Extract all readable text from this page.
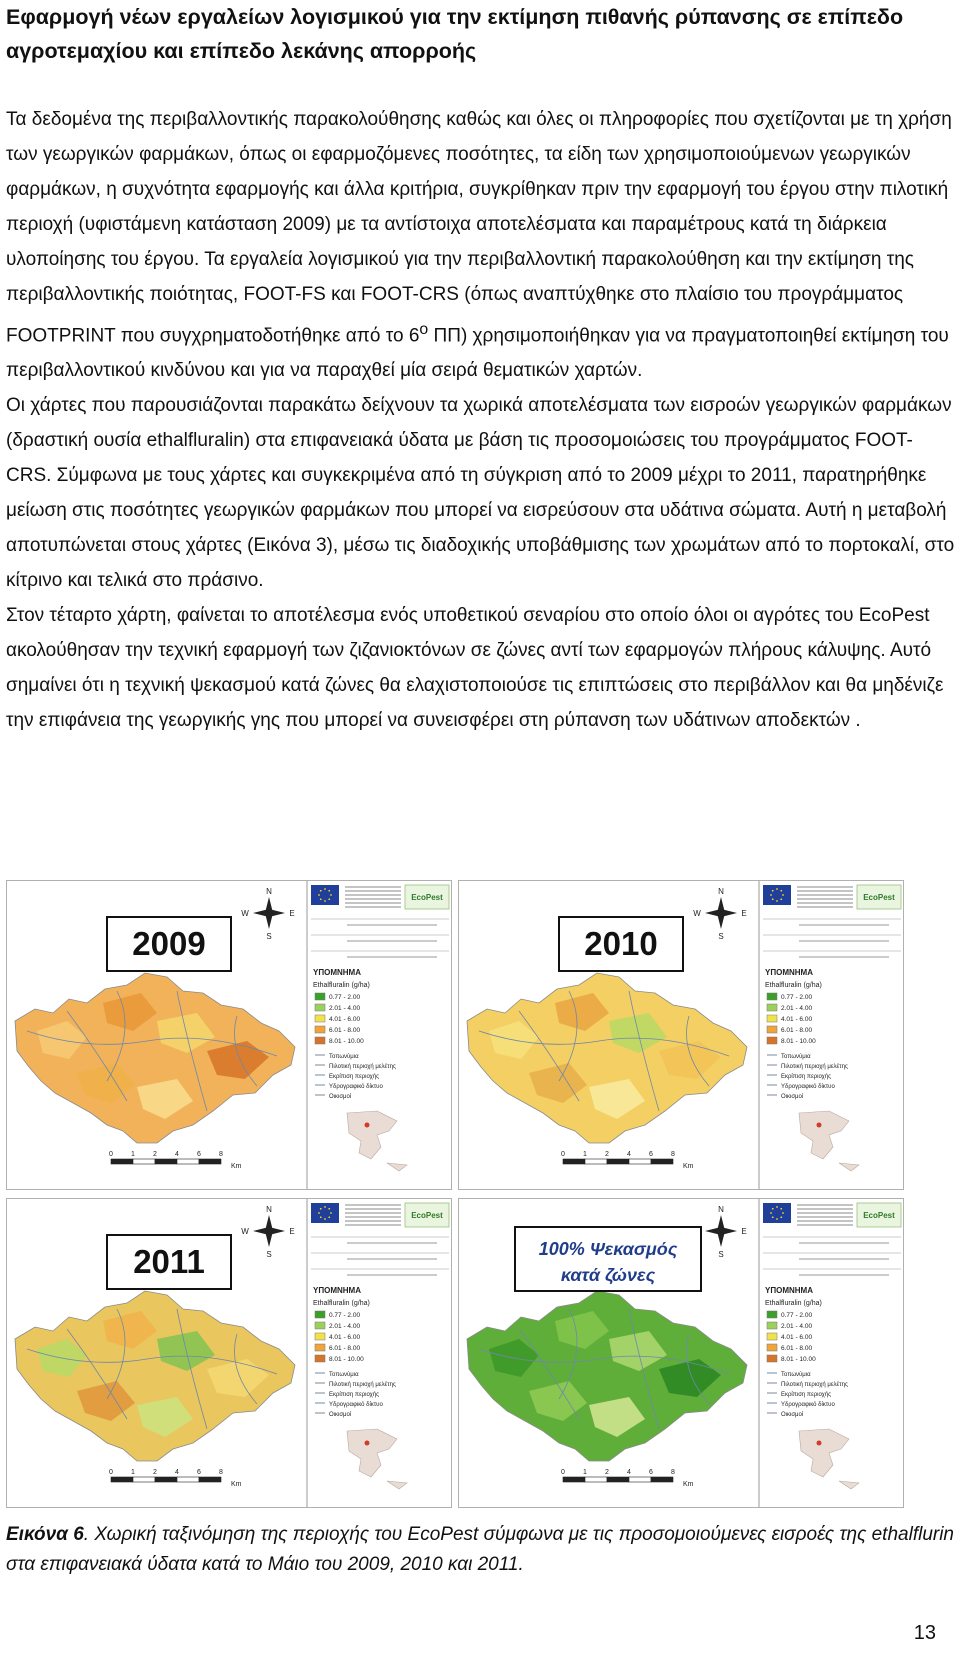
Εφαρμογή νέων εργαλείων λογισμικού για την εκτίμηση πιθανής ρύπανσης σε επίπεδο αγροτεμαχίου και επίπεδο λεκάνης απορροής

Τα δεδομένα της περιβαλλοντικής παρακολούθησης καθώς και όλες οι πληροφορίες που σχετίζονται με τη χρήση των γεωργικών φαρμάκων, όπως οι εφαρμοζόμενες ποσότητες, τα είδη των χρησιμοποιούμενων γεωργικών φαρμάκων, η συχνότητα εφαρμογής και άλλα κριτήρια, συγκρίθηκαν πριν την εφαρμογή του έργου στην πιλοτική περιοχή (υφιστάμενη κατάσταση 2009) με τα αντίστοιχα αποτελέσματα και παραμέτρους κατά τη διάρκεια υλοποίησης του έργου. Τα εργαλεία λογισμικού για την περιβαλλοντική παρακολούθηση και την εκτίμηση της περιβαλλοντικής ποιότητας, FOOT-FS και FOOT-CRS (όπως αναπτύχθηκε στο πλαίσιο του προγράμματος FOOTPRINT που συγχρηματοδοτήθηκε από το $6^o$ ΠΠ) χρησιμοποιήθηκαν για να πραγματοποιηθεί εκτίμηση του περιβαλλοντικού κινδύνου και για να παραχθεί μία σειρά θεματικών χαρτών.

Οι χάρτες που παρουσιάζονται παρακάτω δείχνουν τα χωρικά αποτελέσματα των εισροών γεωργικών φαρμάκων (δραστική ουσία ethalfluralin) στα επιφανειακά ύδατα με βάση τις προσομοιώσεις του προγράμματος FOOT-CRS. Σύμφωνα με τους χάρτες και συγκεκριμένα από τη σύγκριση από το 2009 μέχρι το 2011, παρατηρήθηκε μείωση στις ποσότητες γεωργικών φαρμάκων που μπορεί να εισρεύσουν στα υδάτινα σώματα. Αυτή η μεταβολή αποτυπώνεται στους χάρτες (Εικόνα 3), μέσω τις διαδοχικής υποβάθμισης των χρωμάτων από το πορτοκαλί, στο κίτρινο και τελικά στο πράσινο.

Στον τέταρτο χάρτη, φαίνεται το αποτέλεσμα ενός υποθετικού σεναρίου στο οποίο όλοι οι αγρότες του EcoPest ακολούθησαν την τεχνική εφαρμογή των ζιζανιοκτόνων σε ζώνες αντί των εφαρμογών πλήρους κάλυψης. Αυτό σημαίνει ότι η τεχνική ψεκασμού κατά ζώνες θα ελαχιστοποιούσε τις επιπτώσεις στο περιβάλλον και θα μηδένιζε την επιφάνεια της γεωργικής γης που μπορεί να συνεισφέρει στη ρύπανση των υδάτινων αποδεκτών .

N
S
W	E
2009
0	1	2	4	6	8
Km
EcoPest
ΥΠΟΜΝΗΜΑ
Ethalfluralin (g/ha)
0.77 - 2.00
2.01 - 4.00
4.01 - 6.00
6.01 - 8.00
8.01 - 10.00
Τοπωνύμια
Πιλοτική περιοχή μελέτης
Εκρίπιση περιοχής
Υδρογραφικό δίκτυο
Οικισμοί
N
S
W	E
2010
0	1	2	4	6	8
Km
EcoPest
ΥΠΟΜΝΗΜΑ
Ethalfluralin (g/ha)
0.77 - 2.00
2.01 - 4.00
4.01 - 6.00
6.01 - 8.00
8.01 - 10.00
Τοπωνύμια
Πιλοτική περιοχή μελέτης
Εκρίπιση περιοχής
Υδρογραφικό δίκτυο
Οικισμοί
N
S
W	E
2011
0	1	2	4	6	8
Km
EcoPest
ΥΠΟΜΝΗΜΑ
Ethalfluralin (g/ha)
0.77 - 2.00
2.01 - 4.00
4.01 - 6.00
6.01 - 8.00
8.01 - 10.00
Τοπωνύμια
Πιλοτική περιοχή μελέτης
Εκρίπιση περιοχής
Υδρογραφικό δίκτυο
Οικισμοί
N
S
E
100% Ψεκασμός
κατά ζώνες
0	1	2	4	6	8
Km
EcoPest
ΥΠΟΜΝΗΜΑ
Ethalfluralin (g/ha)
0.77 - 2.00
2.01 - 4.00
4.01 - 6.00
6.01 - 8.00
8.01 - 10.00
Τοπωνύμια
Πιλοτική περιοχή μελέτης
Εκρίπιση περιοχής
Υδρογραφικό δίκτυο
Οικισμοί
Εικόνα 6. Χωρική ταξινόμηση της περιοχής του EcoPest σύμφωνα με τις προσομοιούμενες εισροές της ethalflurin στα επιφανειακά ύδατα κατά το Μάιο του 2009, 2010 και 2011.
13
